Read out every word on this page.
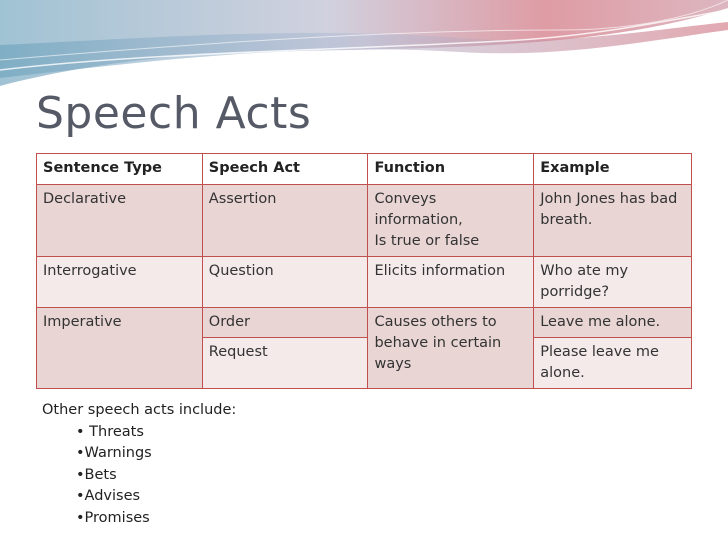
Speech Acts
Sentence Type	Speech Act	Function	Example
Declarative	Assertion	Conveys
information,
Is true or false	John Jones has bad
breath.
Interrogative	Question	Elicits information	Who ate my
porridge?
Imperative	Order	Causes others to
behave in certain
ways	Leave me alone.
	Request		Please leave me
alone.
Other speech acts include:
• Threats
•Warnings
•Bets
•Advises
•Promises
